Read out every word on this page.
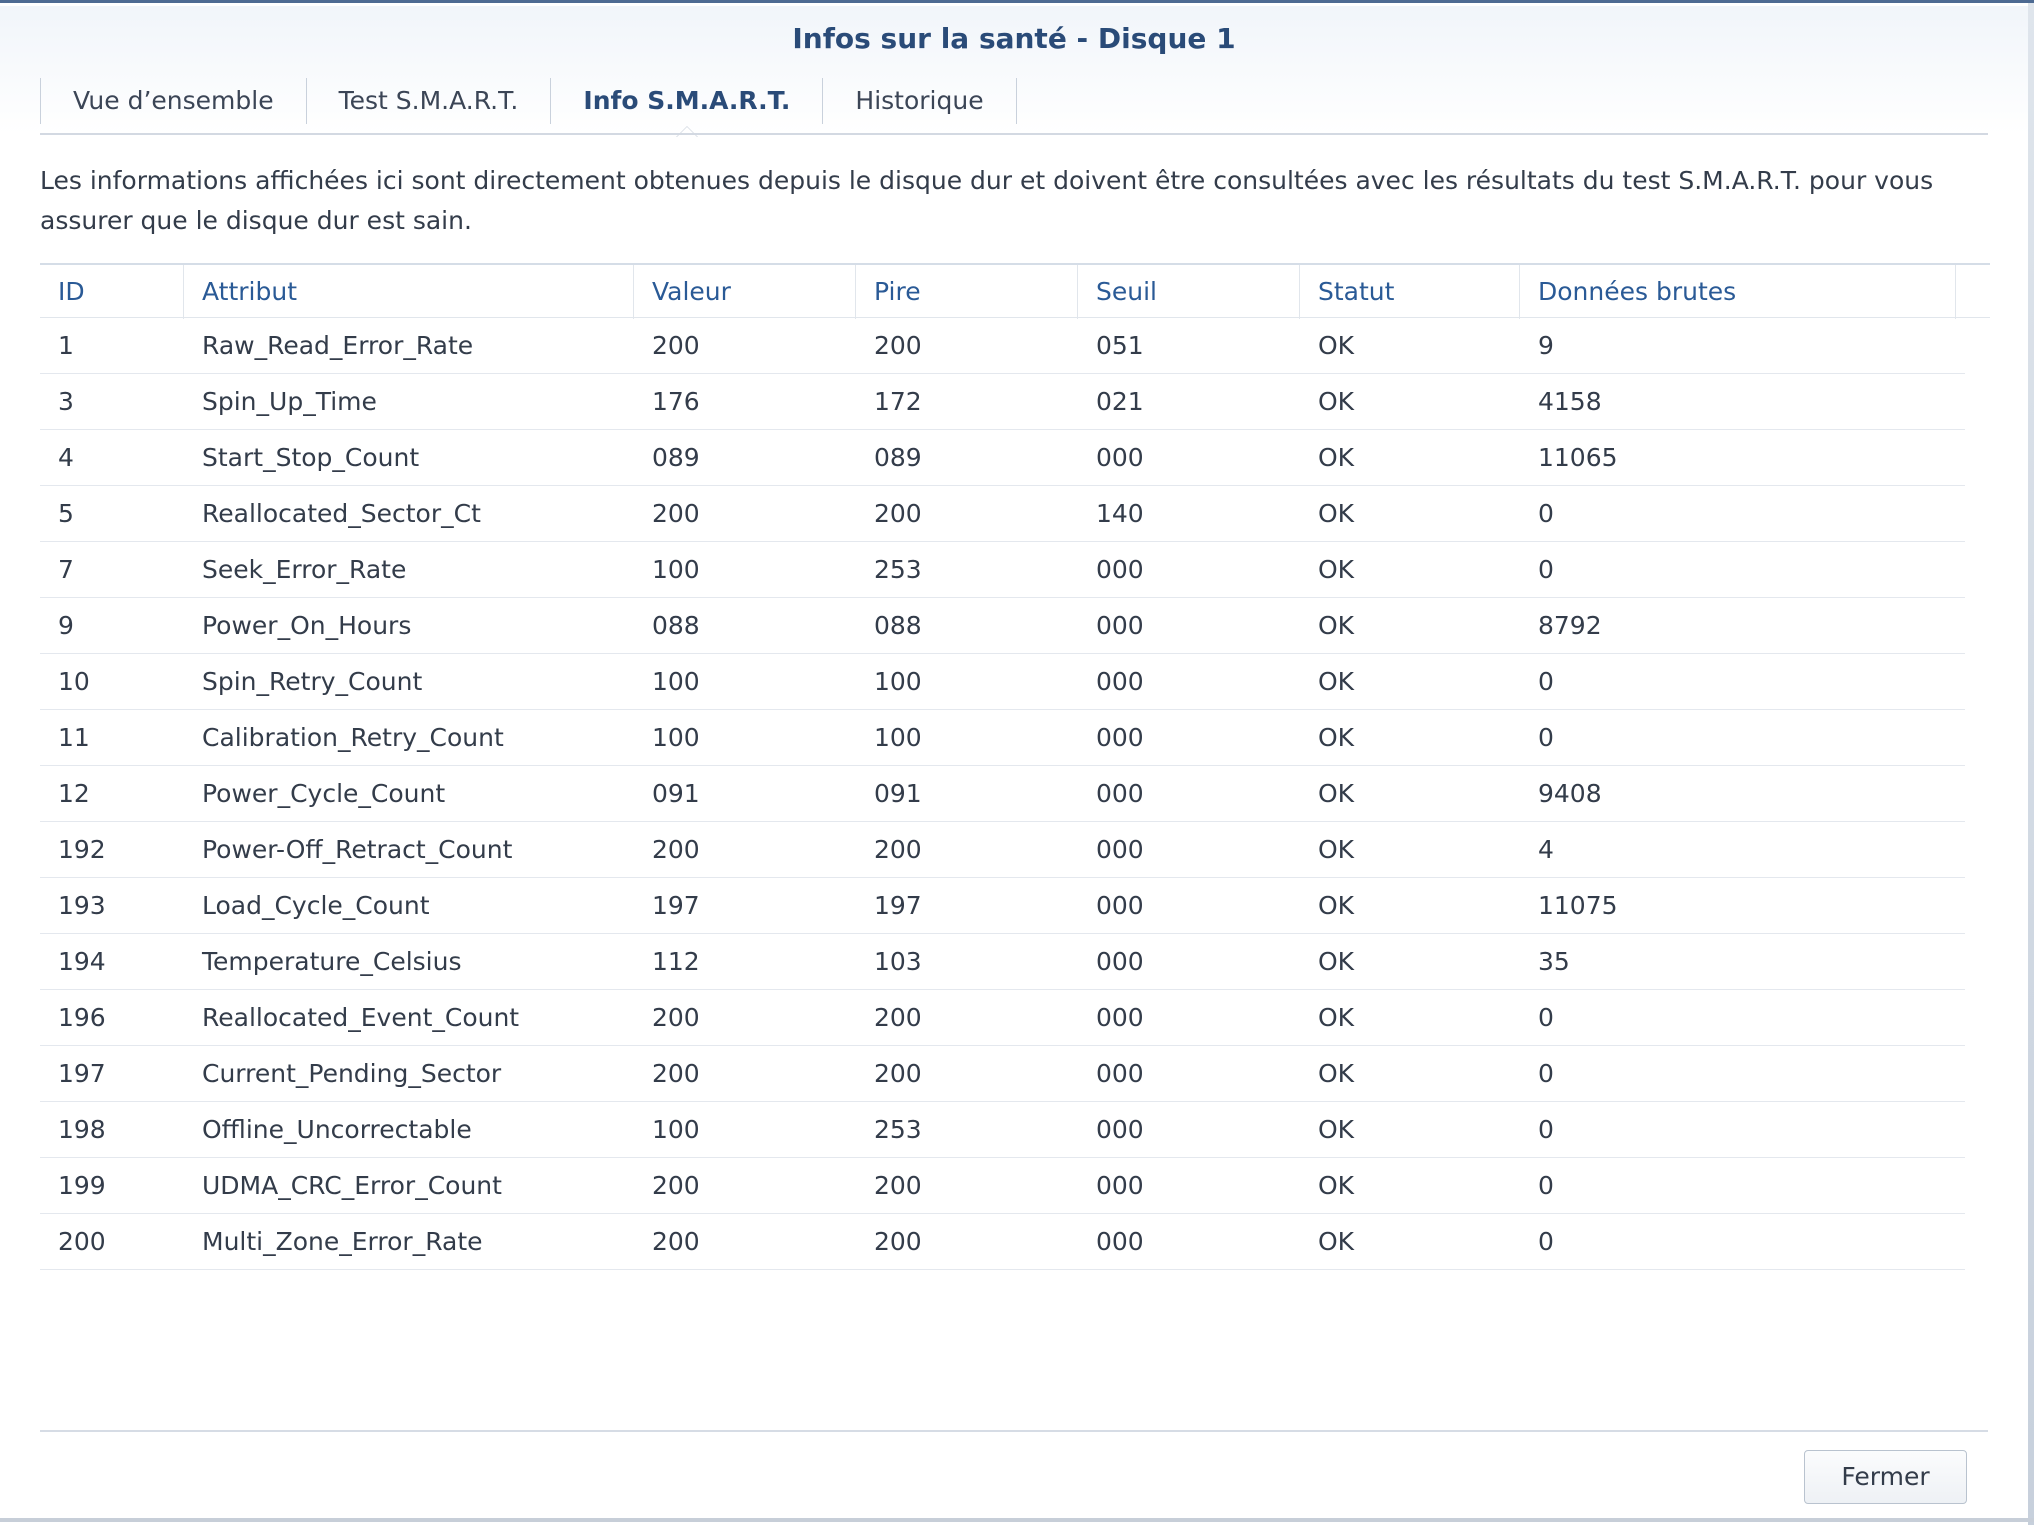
Infos sur la santé - Disque 1
Vue d’ensemble	Test S.M.A.R.T.	Info S.M.A.R.T.	Historique
Les informations affichées ici sont directement obtenues depuis le disque dur et doivent être consultées avec les résultats du test S.M.A.R.T. pour vous assurer que le disque dur est sain.
ID	Attribut	Valeur	Pire	Seuil	Statut	Données brutes
1	Raw_Read_Error_Rate	200	200	051	OK	9
3	Spin_Up_Time	176	172	021	OK	4158
4	Start_Stop_Count	089	089	000	OK	11065
5	Reallocated_Sector_Ct	200	200	140	OK	0
7	Seek_Error_Rate	100	253	000	OK	0
9	Power_On_Hours	088	088	000	OK	8792
10	Spin_Retry_Count	100	100	000	OK	0
11	Calibration_Retry_Count	100	100	000	OK	0
12	Power_Cycle_Count	091	091	000	OK	9408
192	Power-Off_Retract_Count	200	200	000	OK	4
193	Load_Cycle_Count	197	197	000	OK	11075
194	Temperature_Celsius	112	103	000	OK	35
196	Reallocated_Event_Count	200	200	000	OK	0
197	Current_Pending_Sector	200	200	000	OK	0
198	Offline_Uncorrectable	100	253	000	OK	0
199	UDMA_CRC_Error_Count	200	200	000	OK	0
200	Multi_Zone_Error_Rate	200	200	000	OK	0
Fermer
